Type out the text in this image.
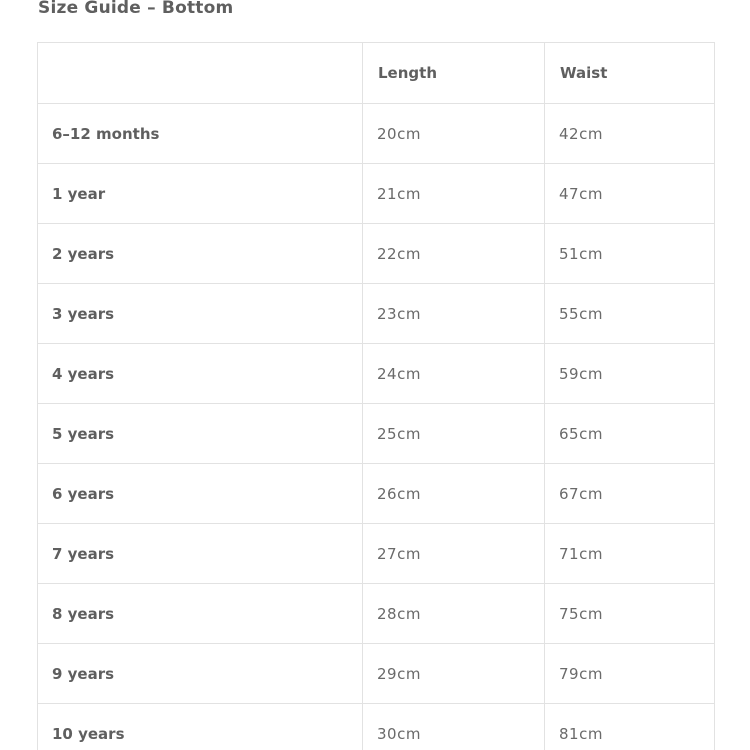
Size Guide – Bottom
	Length	Waist
6–12 months	20cm	42cm
1 year	21cm	47cm
2 years	22cm	51cm
3 years	23cm	55cm
4 years	24cm	59cm
5 years	25cm	65cm
6 years	26cm	67cm
7 years	27cm	71cm
8 years	28cm	75cm
9 years	29cm	79cm
10 years	30cm	81cm
